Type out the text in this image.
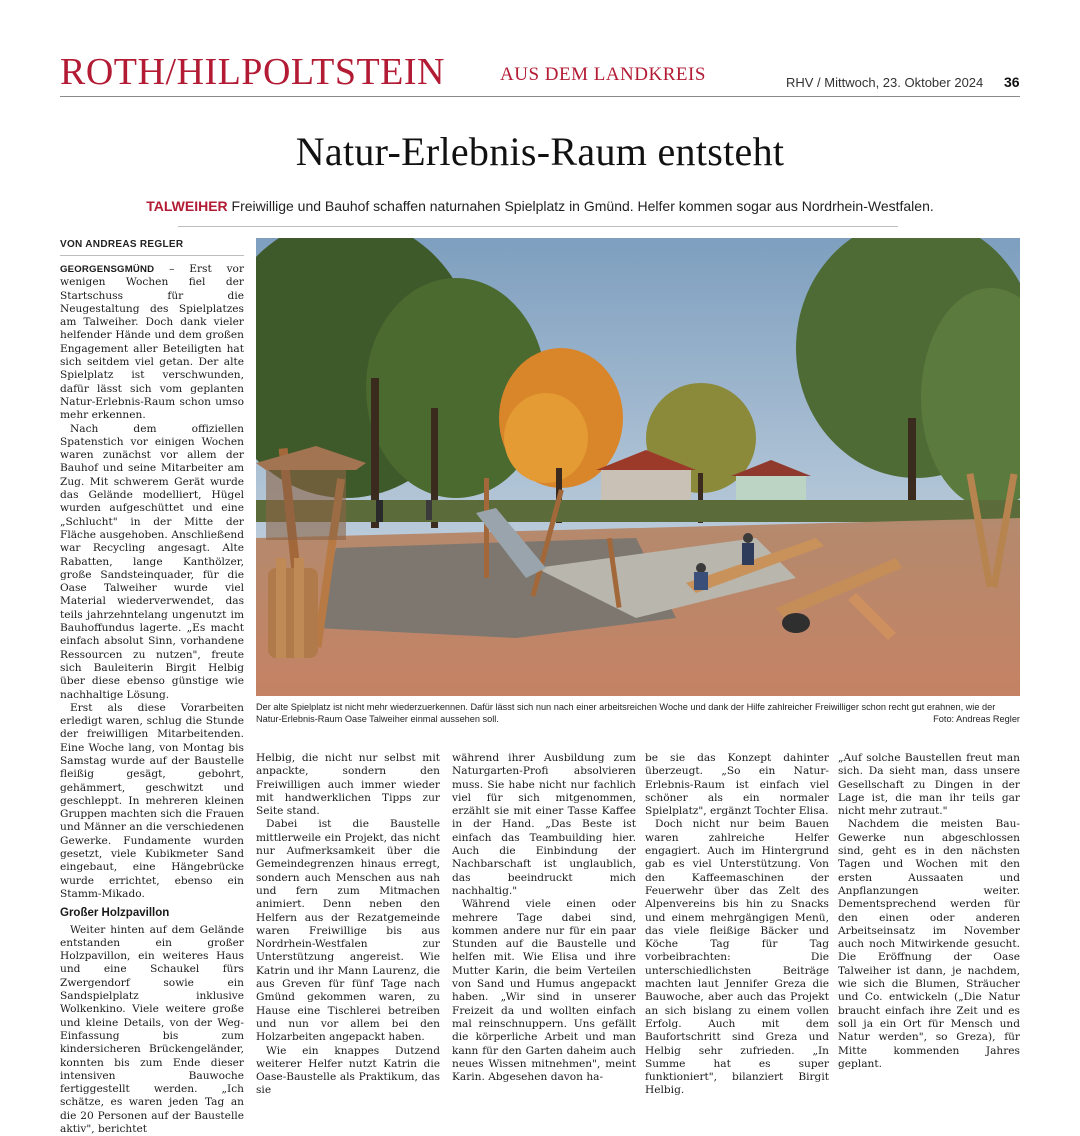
ROTH/HILPOLTSTEIN	AUS DEM LANDKREIS	RHV / Mittwoch, 23. Oktober 2024 36
Natur-Erlebnis-Raum entsteht
TALWEIHER Freiwillige und Bauhof schaffen naturnahen Spielplatz in Gmünd. Helfer kommen sogar aus Nordrhein-Westfalen.
VON ANDREAS REGLER

GEORGENSGMÜND – Erst vor wenigen Wochen fiel der Startschuss für die Neugestaltung des Spielplatzes am Talweiher. Doch dank vieler helfender Hände und dem großen Engagement aller Beteiligten hat sich seitdem viel getan. Der alte Spielplatz ist verschwunden, dafür lässt sich vom geplanten Natur-Erlebnis-Raum schon umso mehr erkennen.

Nach dem offiziellen Spatenstich vor einigen Wochen waren zunächst vor allem der Bauhof und seine Mitarbeiter am Zug. Mit schwerem Gerät wurde das Gelände modelliert, Hügel wurden aufgeschüttet und eine „Schlucht" in der Mitte der Fläche ausgehoben. Anschließend war Recycling angesagt. Alte Rabatten, lange Kanthölzer, große Sandsteinquader, für die Oase Talweiher wurde viel Material wiederverwendet, das teils jahrzehntelang ungenutzt im Bauhoffundus lagerte. „Es macht einfach absolut Sinn, vorhandene Ressourcen zu nutzen", freute sich Bauleiterin Birgit Helbig über diese ebenso günstige wie nachhaltige Lösung.

Erst als diese Vorarbeiten erledigt waren, schlug die Stunde der freiwilligen Mitarbeitenden. Eine Woche lang, von Montag bis Samstag wurde auf der Baustelle fleißig gesägt, gebohrt, gehämmert, geschwitzt und geschleppt. In mehreren kleinen Gruppen machten sich die Frauen und Männer an die verschiedenen Gewerke. Fundamente wurden gesetzt, viele Kubikmeter Sand eingebaut, eine Hängebrücke wurde errichtet, ebenso ein Stamm-Mikado.

Großer Holzpavillon

Weiter hinten auf dem Gelände entstanden ein großer Holzpavillon, ein weiteres Haus und eine Schaukel fürs Zwergendorf sowie ein Sandspielplatz inklusive Wolkenkino. Viele weitere große und kleine Details, von der Weg-Einfassung bis zum kindersicheren Brückengeländer, konnten bis zum Ende dieser intensiven Bauwoche fertiggestellt werden. „Ich schätze, es waren jeden Tag an die 20 Personen auf der Baustelle aktiv", berichtet

Der alte Spielplatz ist nicht mehr wiederzuerkennen. Dafür lässt sich nun nach einer arbeitsreichen Woche und dank der Hilfe zahlreicher Freiwilliger schon recht gut erahnen, wie der Natur-Erlebnis-Raum Oase Talweiher einmal aussehen soll.	Foto: Andreas Regler

Helbig, die nicht nur selbst mit anpackte, sondern den Freiwilligen auch immer wieder mit handwerklichen Tipps zur Seite stand.

Dabei ist die Baustelle mittlerweile ein Projekt, das nicht nur Aufmerksamkeit über die Gemeindegrenzen hinaus erregt, sondern auch Menschen aus nah und fern zum Mitmachen animiert. Denn neben den Helfern aus der Rezatgemeinde waren Freiwillige bis aus Nordrhein-Westfalen zur Unterstützung angereist. Wie Katrin und ihr Mann Laurenz, die aus Greven für fünf Tage nach Gmünd gekommen waren, zu Hause eine Tischlerei betreiben und nun vor allem bei den Holzarbeiten angepackt haben.

Wie ein knappes Dutzend weiterer Helfer nutzt Katrin die Oase-Baustelle als Praktikum, das sie

während ihrer Ausbildung zum Naturgarten-Profi absolvieren muss. Sie habe nicht nur fachlich viel für sich mitgenommen, erzählt sie mit einer Tasse Kaffee in der Hand. „Das Beste ist einfach das Teambuilding hier. Auch die Einbindung der Nachbarschaft ist unglaublich, das beeindruckt mich nachhaltig."

Während viele einen oder mehrere Tage dabei sind, kommen andere nur für ein paar Stunden auf die Baustelle und helfen mit. Wie Elisa und ihre Mutter Karin, die beim Verteilen von Sand und Humus angepackt haben. „Wir sind in unserer Freizeit da und wollten einfach mal reinschnuppern. Uns gefällt die körperliche Arbeit und man kann für den Garten daheim auch neues Wissen mitnehmen", meint Karin. Abgesehen davon ha-

be sie das Konzept dahinter überzeugt. „So ein Natur-Erlebnis-Raum ist einfach viel schöner als ein normaler Spielplatz", ergänzt Tochter Elisa.

Doch nicht nur beim Bauen waren zahlreiche Helfer engagiert. Auch im Hintergrund gab es viel Unterstützung. Von den Kaffeemaschinen der Feuerwehr über das Zelt des Alpenvereins bis hin zu Snacks und einem mehrgängigen Menü, das viele fleißige Bäcker und Köche Tag für Tag vorbeibrachten: Die unterschiedlichsten Beiträge machten laut Jennifer Greza die Bauwoche, aber auch das Projekt an sich bislang zu einem vollen Erfolg. Auch mit dem Baufortschritt sind Greza und Helbig sehr zufrieden. „In Summe hat es super funktioniert", bilanziert Birgit Helbig.

„Auf solche Baustellen freut man sich. Da sieht man, dass unsere Gesellschaft zu Dingen in der Lage ist, die man ihr teils gar nicht mehr zutraut."

Nachdem die meisten Bau-Gewerke nun abgeschlossen sind, geht es in den nächsten Tagen und Wochen mit den ersten Aussaaten und Anpflanzungen weiter. Dementsprechend werden für den einen oder anderen Arbeitseinsatz im November auch noch Mitwirkende gesucht. Die Eröffnung der Oase Talweiher ist dann, je nachdem, wie sich die Blumen, Sträucher und Co. entwickeln („Die Natur braucht einfach ihre Zeit und es soll ja ein Ort für Mensch und Natur werden", so Greza), für Mitte kommenden Jahres geplant.
